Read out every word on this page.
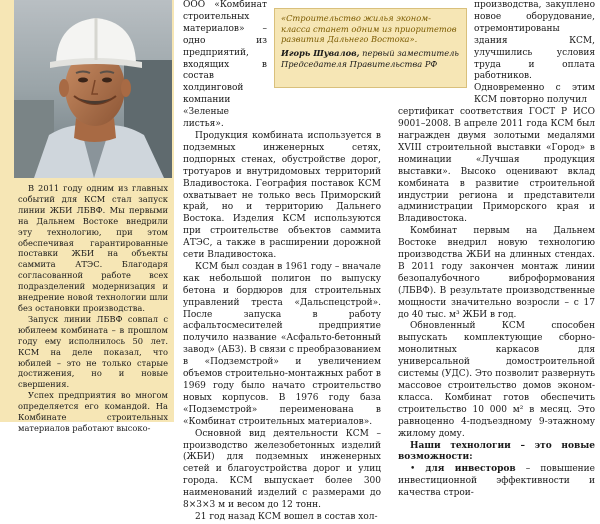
В 2011 году одним из главных событий для КСМ стал запуск линии ЖБИ ЛБВФ. Мы первыми на Дальнем Востоке внедрили эту технологию, при этом обеспечивая гарантированные поставки ЖБИ на объекты саммита АТЭС. Благодаря согласованной работе всех подразделений модернизация и внедрение новой технологии шли без остановки производства.

Запуск линии ЛБВФ совпал с юбилеем комбината – в прошлом году ему исполнилось 50 лет. КСМ на деле показал, что юбилей – это не только старые достижения, но и новые свершения.

Успех предприятия во многом определяется его командой. На Комбинате строительных материалов работают высоко-

«Строительство жилья эконом-класса станет одним из приоритетов развития Дальнего Востока».
Игорь Шувалов, первый заместитель Председателя Правительства РФ

ООО «Комбинат строительных материалов» – одно из предприятий, входящих в состав холдинговой компании «Зеленые листья».

Продукция комбината используется в подземных инженерных сетях, подпорных стенах, обустройстве дорог, тротуаров и внутридомовых территорий Владивостока. География поставок КСМ охватывает не только весь Приморский край, но и территорию Дальнего Востока. Изделия КСМ используются при строительстве объектов саммита АТЭС, а также в расширении дорожной сети Владивостока.

КСМ был создан в 1961 году – вначале как небольшой полигон по выпуску бетона и бордюров для строительных управлений треста «Дальспецстрой». После запуска в работу асфальтосмесителей предприятие получило название «Асфальто-бетонный завод» (АБЗ). В связи с преобразованием в «Подземстрой» и увеличением объемов строительно-монтажных работ в 1969 году было начато строительство новых корпусов. В 1976 году база «Подземстрой» переименована в «Комбинат строительных материалов».

Основной вид деятельности КСМ – производство железобетонных изделий (ЖБИ) для подземных инженерных сетей и благоустройства дорог и улиц города. КСМ выпускает более 300 наименований изделий с размерами до 8×3×3 м и весом до 12 тонн.

21 год назад КСМ вошел в состав хол-

производства, закуплено новое оборудование, отремонтированы здания КСМ, улучшились условия труда и оплата работников. Одновременно с этим КСМ повторно получил

сертификат соответствия ГОСТ Р ИСО 9001–2008. В апреле 2011 года КСМ был награжден двумя золотыми медалями XVIII строительной выставки «Город» в номинации «Лучшая продукция выставки». Высоко оценивают вклад комбината в развитие строительной индустрии региона и представители администрации Приморского края и Владивостока.

Комбинат первым на Дальнем Востоке внедрил новую технологию производства ЖБИ на длинных стендах. В 2011 году закончен монтаж линии безопалубочного виброформования (ЛБВФ). В результате производственные мощности значительно возросли – с 17 до 40 тыс. м³ ЖБИ в год.

Обновленный КСМ способен выпускать комплектующие сборно-монолитных каркасов для универсальной домостроительной системы (УДС). Это позволит развернуть массовое строительство домов эконом-класса. Комбинат готов обеспечить строительство 10 000 м² в месяц. Это равноценно 4-подъездному 9-этажному жилому дому.

Наши технологии – это новые возможности:

• для инвесторов – повышение инвестиционной эффективности и качества строи-
